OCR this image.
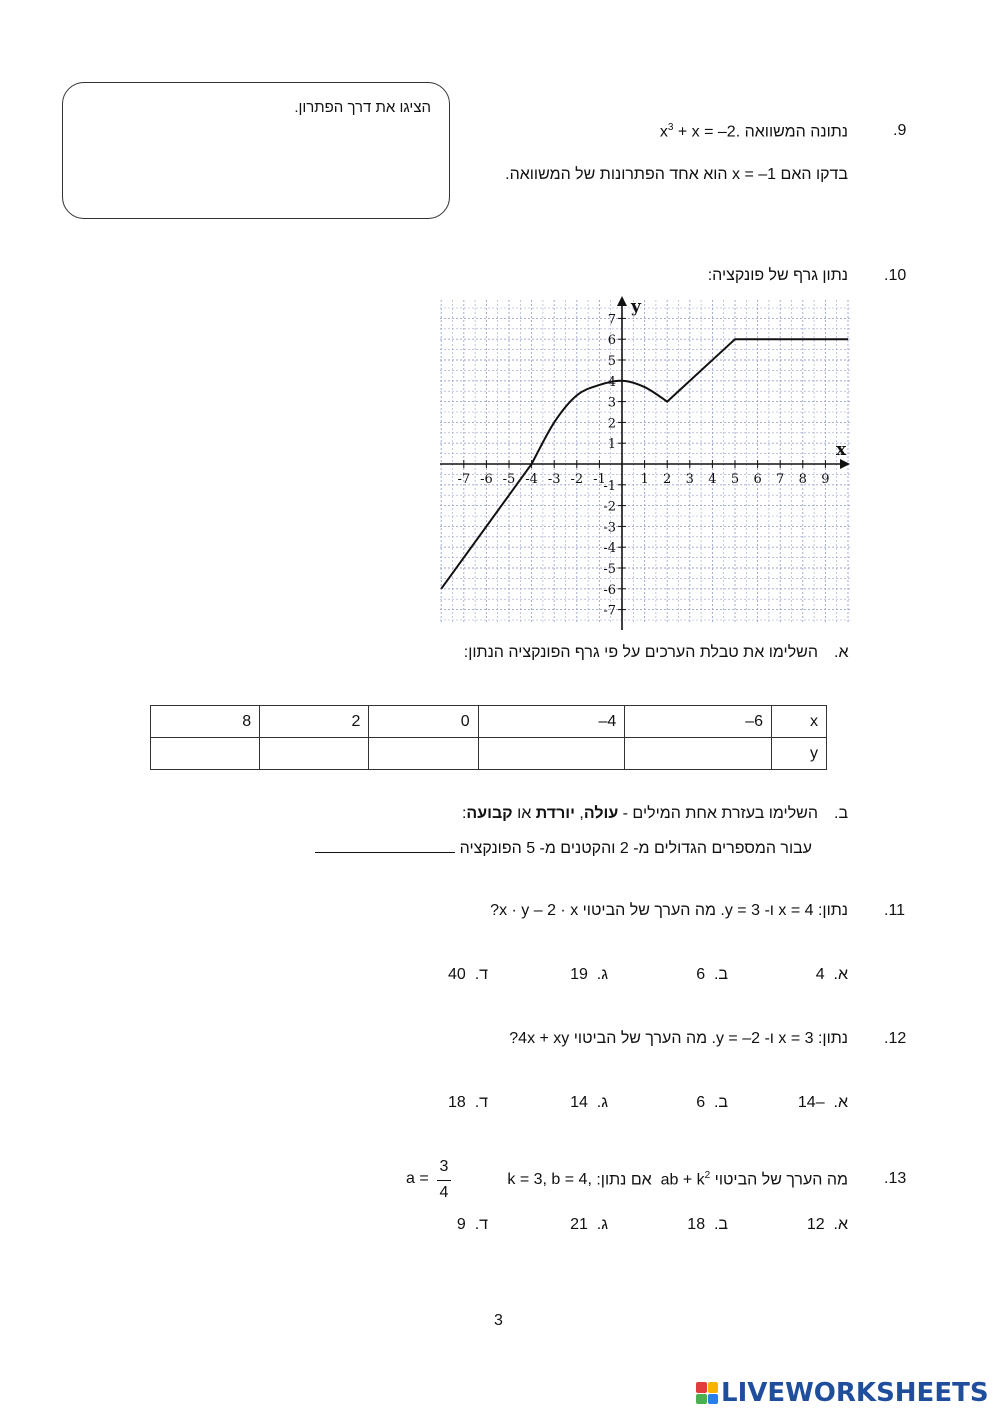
.9
נתונה המשוואה $x^3 + x = -2$.
בדקו האם x = –1 הוא אחד הפתרונות של המשוואה.
הציגו את דרך הפתרון.
.10
נתון גרף של פונקציה:
x
y
-7 -6 -5 -4 -3 -2 -1	1 2 3 4 5 6 7 8 9
-7
-6
-5
-4
-3
-2
-1
1
2
3
4
5
6
7
א.
השלימו את טבלת הערכים על פי גרף הפונקציה הנתון:
8	2	0	–4	–6	x
					y
ב.
השלימו בעזרת אחת המילים - עולה, יורדת או קבועה:
עבור המספרים הגדולים מ- 2 והקטנים מ- 5 הפונקציה
.11
נתון: x = 4 ו- y = 3. מה הערך של הביטוי x · y – 2 · x?
א.  4
ב.  6
ג.  19
ד.  40
.12
נתון: x = 3 ו- y = –2. מה הערך של הביטוי 4x + xy?
א.  –14
ב.  6
ג.  14
ד.  18
.13
מה הערך של הביטוי ab + $k^2$  אם נתון: k = 3, b = 4,
a =
3
4
א.  12
ב.  18
ג.  21
ד.  9
3
LIVEWORKSHEETS
